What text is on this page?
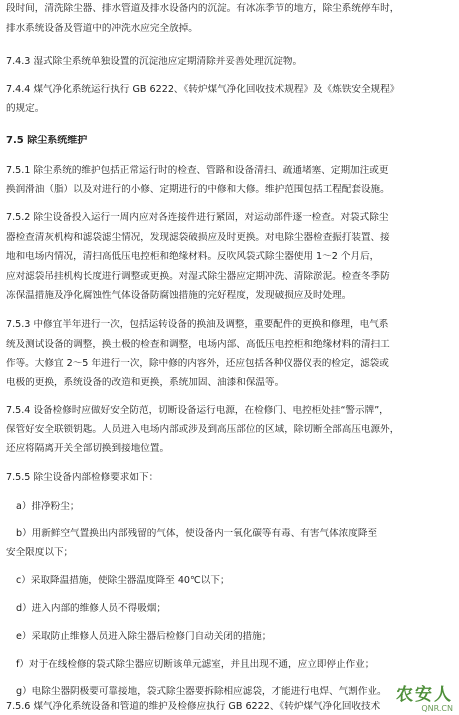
段时间，清洗除尘器、排水管道及排水设备内的沉淀。有冰冻季节的地方，除尘系统停车时，
排水系统设备及管道中的冲洗水应完全放掉。
7.4.3 湿式除尘系统单独设置的沉淀池应定期清除并妥善处理沉淀物。
7.4.4 煤气净化系统运行执行 GB 6222、《转炉煤气净化回收技术规程》及《炼铁安全规程》
的规定。
7.5 除尘系统维护
7.5.1 除尘系统的维护包括正常运行时的检查、管路和设备清扫、疏通堵塞、定期加注或更
换润滑油（脂）以及对进行的小修、定期进行的中修和大修。维护范围包括工程配套设施。
7.5.2 除尘设备投入运行一周内应对各连接件进行紧固，对运动部件逐一检查。对袋式除尘
器检查清灰机构和滤袋滤尘情况，发现滤袋破损应及时更换。对电除尘器检查振打装置、接
地和电场内情况，清扫高低压电控柜和绝缘材料。反吹风袋式除尘器使用 1～2 个月后，
应对滤袋吊挂机构长度进行调整或更换。对湿式除尘器应定期冲洗、清除淤泥。检查冬季防
冻保温措施及净化腐蚀性气体设备防腐蚀措施的完好程度，发现破损应及时处理。
7.5.3 中修宜半年进行一次，包括运转设备的换油及调整，重要配件的更换和修理，电气系
统及测试设备的调整，换土极的检查和调整，电场内部、高低压电控柜和绝缘材料的清扫工
作等。大修宜 2～5 年进行一次，除中修的内容外，还应包括各种仪器仪表的检定，滤袋或
电极的更换，系统设备的改造和更换，系统加固、油漆和保温等。
7.5.4 设备检修时应做好安全防范，切断设备运行电源，在检修门、电控柜处挂“警示牌”，
保管好安全联锁钥匙。人员进入电场内部或涉及到高压部位的区域，除切断全部高压电源外，
还应将隔离开关全部切换到接地位置。
7.5.5 除尘设备内部检修要求如下：
a）排净粉尘；
b）用新鲜空气置换出内部残留的气体，使设备内一氧化碳等有毒、有害气体浓度降至
安全限度以下；
c）采取降温措施，使除尘器温度降至 40℃以下；
d）进入内部的维修人员不得吸烟；
e）采取防止维修人员进入除尘器后检修门自动关闭的措施；
f）对于在线检修的袋式除尘器应切断该单元滤室，并且出现不通，应立即停止作业；
g）电除尘器阴极要可靠接地，袋式除尘器要拆除相应滤袋，才能进行电焊、气割作业。
7.5.6 煤气净化系统设备和管道的维护及检修应执行 GB 6222、《转炉煤气净化回收技术
农安人
QNR.CN
